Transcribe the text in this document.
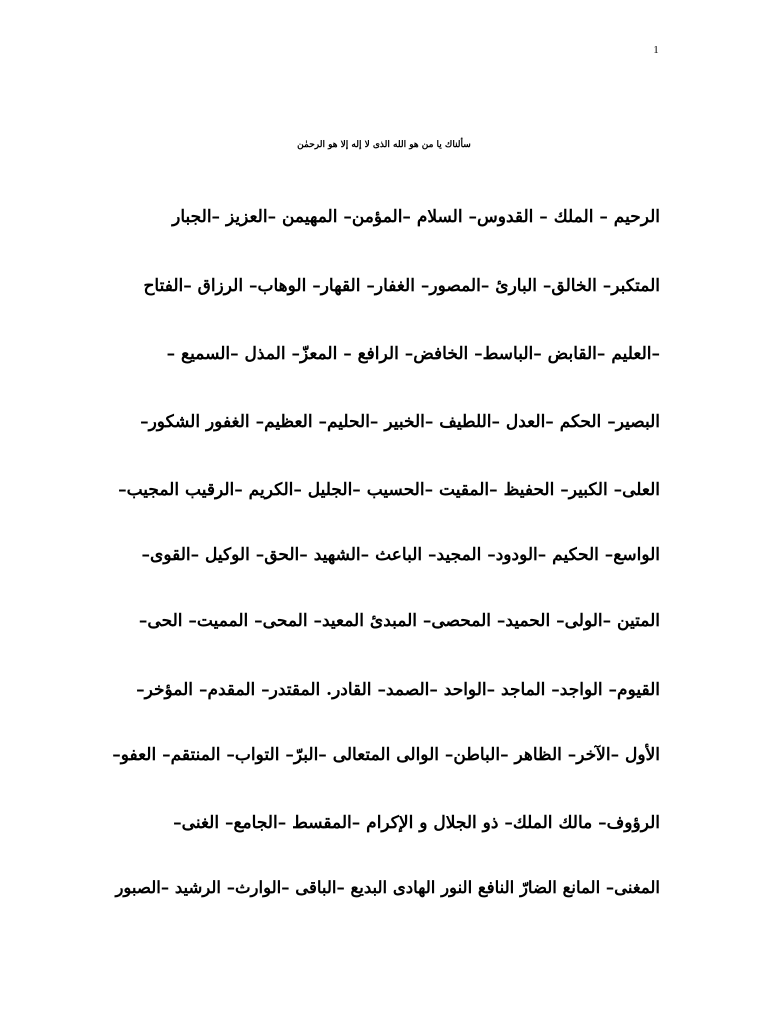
1
سألناك يا من هو الله الذى لا إله إلا هو الرحمٰن
الرحيم – الملك – القدوس– السلام –المؤمن– المهيمن –العزيز –الجبار
المتكبر– الخالق– البارئ –المصور– الغفار– القهار– الوهاب– الرزاق –الفتاح
–العليم –القابض –الباسط– الخافض– الرافع – المعزّ– المذل –السميع –
البصير– الحكم –العدل –اللطيف –الخبير –الحليم– العظيم– الغفور الشكور–
العلى– الكبير– الحفيظ –المقيت –الحسيب –الجليل –الكريم –الرقيب المجيب–
الواسع– الحكيم –الودود– المجيد– الباعث –الشهيد –الحق– الوكيل –القوى–
المتين –الولى– الحميد– المحصى– المبدئ المعيد– المحى– المميت– الحى–
القيوم– الواجد– الماجد –الواحد –الصمد– القادر. المقتدر– المقدم– المؤخر–
الأول –الآخر– الظاهر –الباطن– الوالى المتعالى –البرّ– التواب– المنتقم– العفو–
الرؤوف– مالك الملك– ذو الجلال و الإكرام –المقسط –الجامع– الغنى–
المغنى– المانع الضارّ النافع النور الهادى البديع –الباقى –الوارث– الرشيد –الصبور
